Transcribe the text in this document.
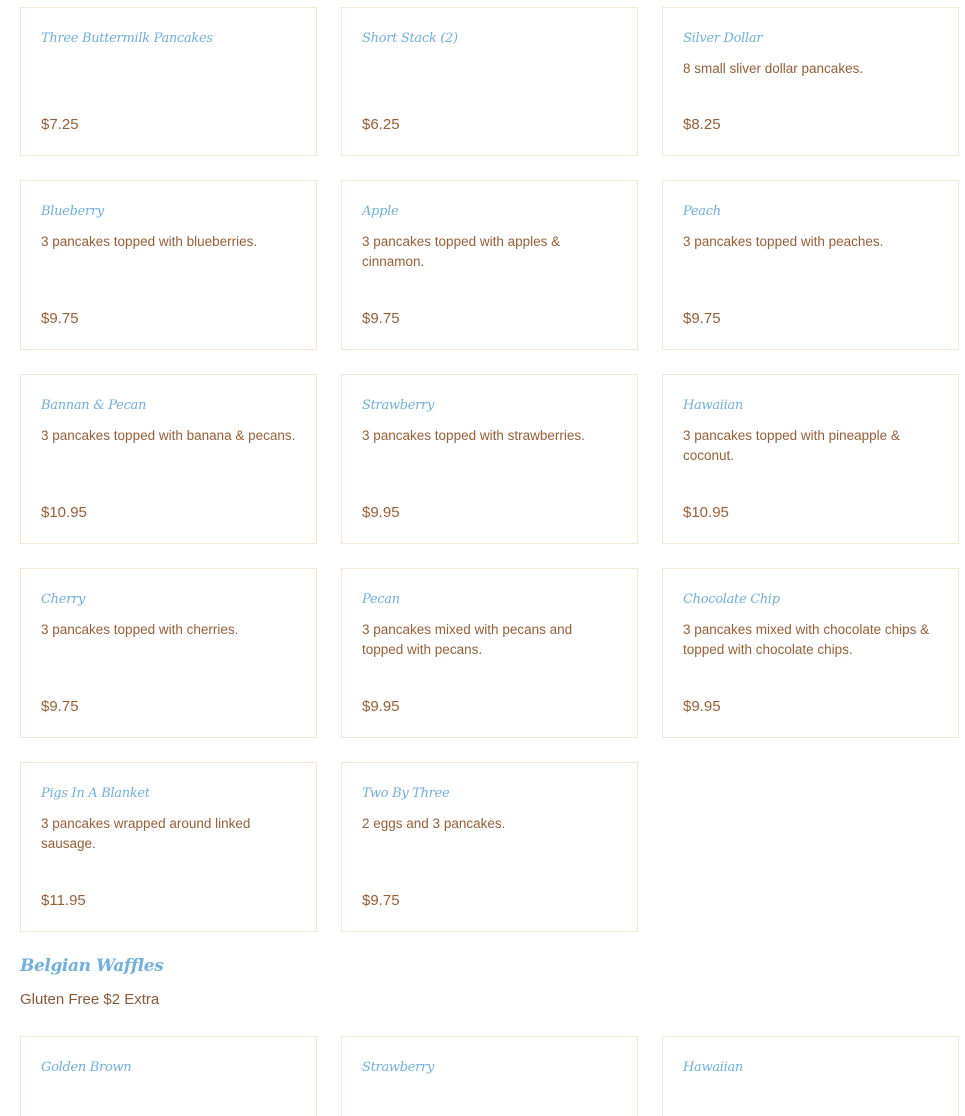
Three Buttermilk Pancakes
$7.25
Short Stack (2)
$6.25
Silver Dollar
8 small sliver dollar pancakes.
$8.25
Blueberry
3 pancakes topped with blueberries.
$9.75
Apple
3 pancakes topped with apples & cinnamon.
$9.75
Peach
3 pancakes topped with peaches.
$9.75
Bannan & Pecan
3 pancakes topped with banana & pecans.
$10.95
Strawberry
3 pancakes topped with strawberries.
$9.95
Hawaiian
3 pancakes topped with pineapple & coconut.
$10.95
Cherry
3 pancakes topped with cherries.
$9.75
Pecan
3 pancakes mixed with pecans and topped with pecans.
$9.95
Chocolate Chip
3 pancakes mixed with chocolate chips & topped with chocolate chips.
$9.95
Pigs In A Blanket
3 pancakes wrapped around linked sausage.
$11.95
Two By Three
2 eggs and 3 pancakes.
$9.75
Belgian Waffles
Gluten Free $2 Extra
Golden Brown	Strawberry	Hawaiian
